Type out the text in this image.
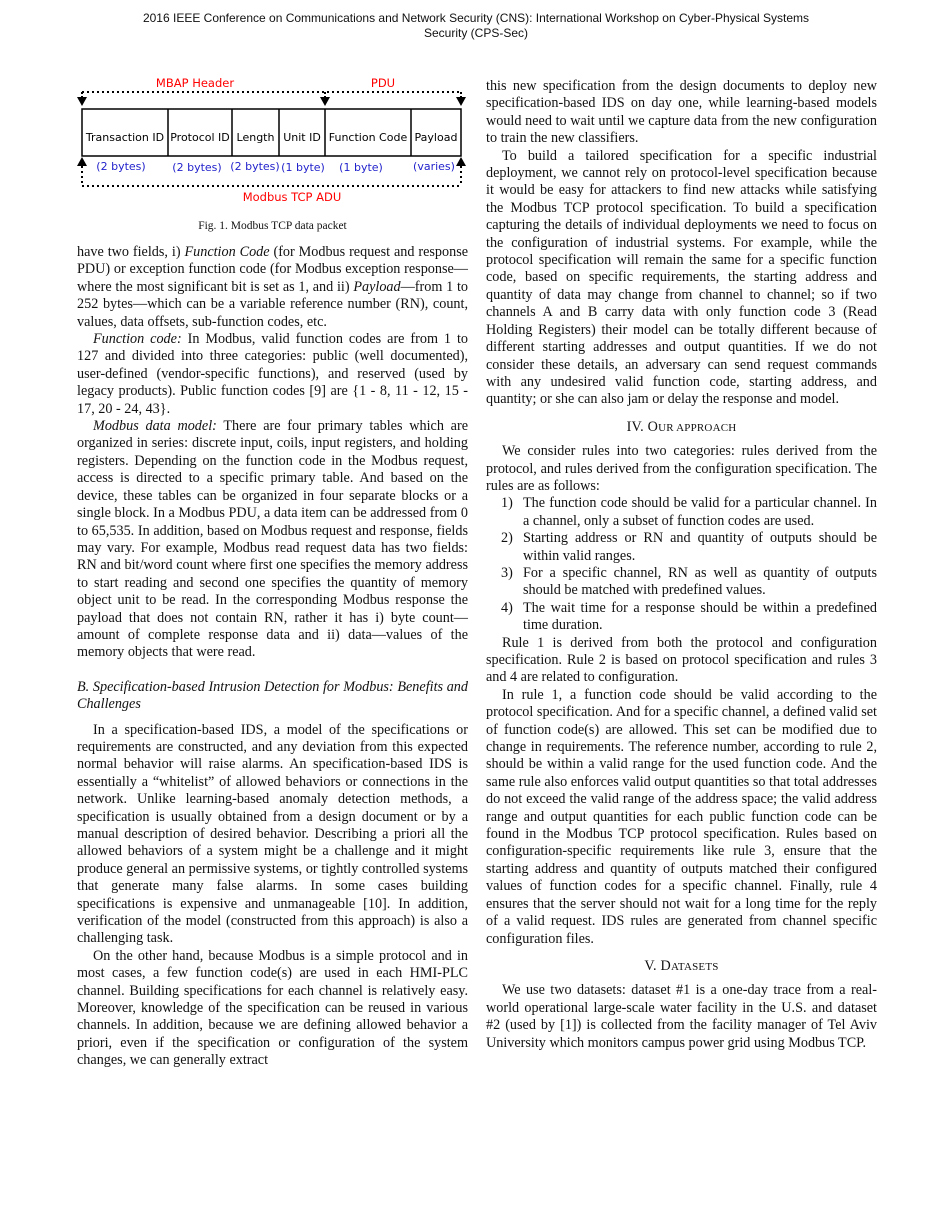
2016 IEEE Conference on Communications and Network Security (CNS): International Workshop on Cyber-Physical Systems
Security (CPS-Sec)
MBAP Header	PDU
Transaction ID Protocol ID Length Unit ID Function Code Payload
(2 bytes) (2 bytes) (2 bytes) (1 byte) (1 byte)	(varies)
Modbus TCP ADU
Fig. 1. Modbus TCP data packet

have two fields, i) Function Code (for Modbus request and response PDU) or exception function code (for Modbus exception response—where the most significant bit is set as 1, and ii) Payload—from 1 to 252 bytes—which can be a variable reference number (RN), count, values, data offsets, sub-function codes, etc.

Function code: In Modbus, valid function codes are from 1 to 127 and divided into three categories: public (well documented), user-defined (vendor-specific functions), and reserved (used by legacy products). Public function codes [9] are {1 - 8, 11 - 12, 15 - 17, 20 - 24, 43}.

Modbus data model: There are four primary tables which are organized in series: discrete input, coils, input registers, and holding registers. Depending on the function code in the Modbus request, access is directed to a specific primary table. And based on the device, these tables can be organized in four separate blocks or a single block. In a Modbus PDU, a data item can be addressed from 0 to 65,535. In addition, based on Modbus request and response, fields may vary. For example, Modbus read request data has two fields: RN and bit/word count where first one specifies the memory address to start reading and second one specifies the quantity of memory object unit to be read. In the corresponding Modbus response the payload that does not contain RN, rather it has i) byte count—amount of complete response data and ii) data—values of the memory objects that were read.

B. Specification-based Intrusion Detection for Modbus: Benefits and Challenges

In a specification-based IDS, a model of the specifications or requirements are constructed, and any deviation from this expected normal behavior will raise alarms. An specification-based IDS is essentially a “whitelist” of allowed behaviors or connections in the network. Unlike learning-based anomaly detection methods, a specification is usually obtained from a design document or by a manual description of desired behavior. Describing a priori all the allowed behaviors of a system might be a challenge and it might produce general an permissive systems, or tightly controlled systems that generate many false alarms. In some cases building specifications is expensive and unmanageable [10]. In addition, verification of the model (constructed from this approach) is also a challenging task.

On the other hand, because Modbus is a simple protocol and in most cases, a few function code(s) are used in each HMI-PLC channel. Building specifications for each channel is relatively easy. Moreover, knowledge of the specification can be reused in various channels. In addition, because we are defining allowed behavior a priori, even if the specification or configuration of the system changes, we can generally extract

this new specification from the design documents to deploy new specification-based IDS on day one, while learning-based models would need to wait until we capture data from the new configuration to train the new classifiers.

To build a tailored specification for a specific industrial deployment, we cannot rely on protocol-level specification because it would be easy for attackers to find new attacks while satisfying the Modbus TCP protocol specification. To build a specification capturing the details of individual deployments we need to focus on the configuration of industrial systems. For example, while the protocol specification will remain the same for a specific function code, based on specific requirements, the starting address and quantity of data may change from channel to channel; so if two channels A and B carry data with only function code 3 (Read Holding Registers) their model can be totally different because of different starting addresses and output quantities. If we do not consider these details, an adversary can send request commands with any undesired valid function code, starting address, and quantity; or she can also jam or delay the response and model.

IV. OUR APPROACH

We consider rules into two categories: rules derived from the protocol, and rules derived from the configuration specification. The rules are as follows:

1) The function code should be valid for a particular channel. In a channel, only a subset of function codes are used.
2) Starting address or RN and quantity of outputs should be within valid ranges.
3) For a specific channel, RN as well as quantity of outputs should be matched with predefined values.
4) The wait time for a response should be within a predefined time duration.

Rule 1 is derived from both the protocol and configuration specification. Rule 2 is based on protocol specification and rules 3 and 4 are related to configuration.

In rule 1, a function code should be valid according to the protocol specification. And for a specific channel, a defined valid set of function code(s) are allowed. This set can be modified due to change in requirements. The reference number, according to rule 2, should be within a valid range for the used function code. And the same rule also enforces valid output quantities so that total addresses do not exceed the valid range of the address space; the valid address range and output quantities for each public function code can be found in the Modbus TCP protocol specification. Rules based on configuration-specific requirements like rule 3, ensure that the starting address and quantity of outputs matched their configured values of function codes for a specific channel. Finally, rule 4 ensures that the server should not wait for a long time for the reply of a valid request. IDS rules are generated from channel specific configuration files.

V. DATASETS

We use two datasets: dataset #1 is a one-day trace from a real-world operational large-scale water facility in the U.S. and dataset #2 (used by [1]) is collected from the facility manager of Tel Aviv University which monitors campus power grid using Modbus TCP.
